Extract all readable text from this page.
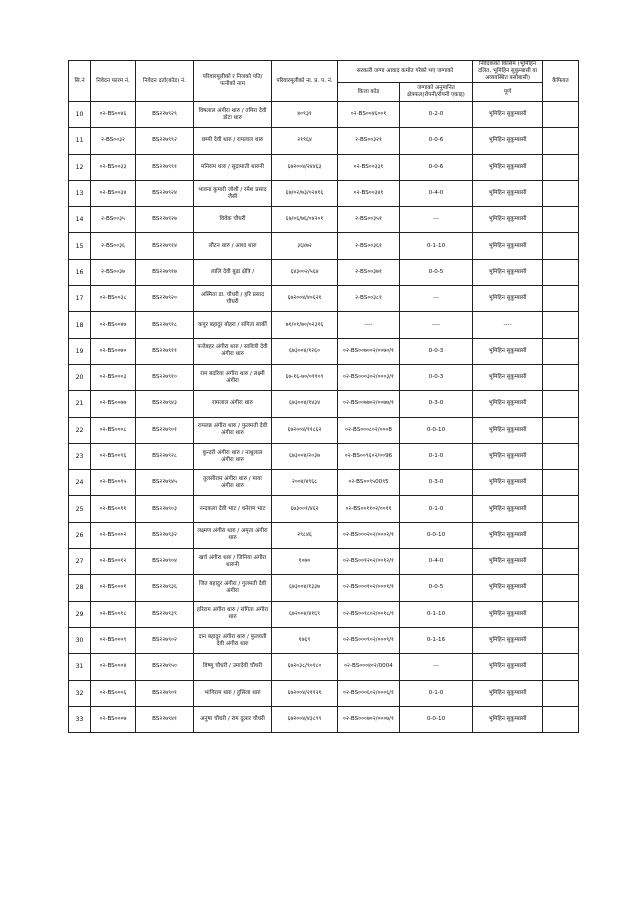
सि.नं	निवेदन फारम नं.	निवेदन दर्ता(कोड) नं.	परिवारमूलीको र निजको पति/पत्नीको नाम	परिवारमूलीको ना. प्र. प. नं.	सरकारी जग्गा आवाद कमोत गरेको भए जग्गाको		निवेदकको किसिम (भूमिहिन दलित, भूमिहिन सुकुम्बासी वा अव्यवस्थित बसोबासी)	कैफियत
					कित्ता कोड	जग्गाको अनुमानित क्षेत्रफल(रोपनी/रोपनी एकाइ)	पूर्ण	
10	०२-BS००४६	BS२२७९२९	विषलाल अंगीरा थारु / तमिरा देवी डोटा थारु	४०९३१	०२-BS००४६००१	0-2-0	भूमिहिन सुकुम्बासी	
11	२-BS००३२	BS२२७९९२	छम्पी देवी थारु / रामलाल थारु	२१९६४	२-BS००३२१	0-0-6	भूमिहिन सुकुम्बासी	
12	०२-BS००३३	BS२२७९९१	मनिराम थारु / सुदामाती थारुनी	६७२००४/२४४६३	०२-BS००३३१	0-0-6	भूमिहिन सुकुम्बासी	
13	०२-BS००३४	BS२२७९२४	भावना कुमारी जोशी / रमेश प्रसाद जैसी	६७/०२/७३/०२४१६	०२-BS००३४१	0-4-0	भूमिहिन सुकुम्बासी	
14	२-BS००३५	BS२२७९२७	विवेक चौधरी	६७/०६/७६/०४२०१	२-BS००३५१	---	भूमिहिन सुकुम्बासी	
15	२-BS००३६	BS२२७९१४	लौटन थारु / आशा थारु	३६४७२	२-BS००३६१	0-1-10	भूमिहिन सुकुम्बासी	
16	२-BS००३७	BS२२७९१७	लालि देवी बुढा क्षेत्रि /	६४३००२/५६४	२-BS००३७१	0-0-5	भूमिहिन सुकुम्बासी	
17	०२-BS००३८	BS२२७९२०	अस्मिता डा. चौधरी / हरि प्रसाद चौधरी	६७२००४/४०६२१	२-BS००३८१	---	भूमिहिन सुकुम्बासी	
18	०२-BS००४७	BS२२७९१८	कपुर बहादुर बोहरा / संगिता सार्की	७१/०१/७०/०२३१६	----	----	----	
19	०२-BS००७०	BS२२७९११	फत्तेबहर अंगीरा थारु / सावित्री देवी अंगीरा थारु	६७३००४/१२६०	०२-BS००७००२/००७०/१	0-0-3	भूमिहिन सुकुम्बासी	
20	०२-BS०००३	BS२२७९१०	राम बदरिया अंगीरा थारु / लक्ष्मी अंगीरा	६७-१६-७०/०११०९	०२-BS०००३०२/०००३/१	0-0-3	भूमिहिन सुकुम्बासी	
21	०२-BS००७७	BS२२७९४३	रामलाल अंगीरा थारु	६७३००४/१४३४	०२-BS००७७०२/००७७/१	0-3-0	भूमिहिन सुकुम्बासी	
22	०२-BS०००८	BS२२७९०१	रामलन्न अंगीरा थारु / फुलमती देवी अंगीरा थारु	६७२००४/११८६२	०२-BS०००८०२/०००8	0-0-10	भूमिहिन सुकुम्बासी	
23	०२-BS००९६	BS२२७९२८	कुन्दरी अंगीरा थारु / नाथुलाल अंगीरा थारु	६७३००४/२०३७	०२-BS००९६०२/००96	0-1-0	भूमिहिन सुकुम्बासी	
24	०२-BS००९५	BS२२७९४५	तुलसीराम अंगीरा थारु / माया अंगीरा थारु	२००४/४९६८	०२-BS००९५00९5	0-3-0	भूमिहिन सुकुम्बासी	
25	०२-BS००११	BS२२७९०३	नन्दकला देवी भाट / धनेराम भाट	६७३००१/४६२	०२-BS००११०२/००११	0-1-0	भूमिहिन सुकुम्बासी	
26	०२-BS०००२	BS२२७९३२	लक्ष्मण अंगीरा थारु / अमृता अंगीरा थारु	२९८४६	०२-BS०००२०२/०००२/१	0-0-10	भूमिहिन सुकुम्बासी	
27	०२-BS००१२	BS२२७९०४	खर्च अंगीरा थारु / जिनिया अंगीरा थारुनी	१०७०	०२-BS००१२०२/००१२/१	0-4-0	भूमिहिन सुकुम्बासी	
28	०२-BS०००१	BS२२७९३६	जित बहादुर अंगीरा / गुलमती देवी अंगीरा	६७३००४/१३३७	०२-BS०००१०२/०००१/१	0-0-5	भूमिहिन सुकुम्बासी	
29	०२-BS००१८	BS२२७९३९	हरिराम अंगीरा थारु / संगिता अंगीरा थारु	६७२००४/४१६९	०२-BS००१८०२/००१८/१	0-1-10	भूमिहिन सुकुम्बासी	
30	०२-BS०००९	BS२२७९०२	दान बहादुर अंगीरा थारु / फुलवती देवी अंगीरा थारु	१७६९	०२-BS०००९०२/०००९/१	0-1-16	भूमिहिन सुकुम्बासी	
31	०२-BS०००४	BS२२७९५०	विष्णु चौधरी / उमादेवी चौधरी	६७२०३८/९०१८०	०२-BS०००४०२/0004	---	भूमिहिन सुकुम्बासी	
32	०२-BS०००६	BS२२७९०१	भागिराम थारु / हुसिला थारु	६७२००४/२११२१	०२-BS०००६०२/०००६/१	0-1-0	भूमिहिन सुकुम्बासी	
33	०२-BS०००७	BS२२७९४१	अनुषा चौधरी / राम दुलार चौधरी	६७२००४/४३८९९	०२-BS०००७०२/०००७/१	0-0-10	भूमिहिन सुकुम्बासी	
